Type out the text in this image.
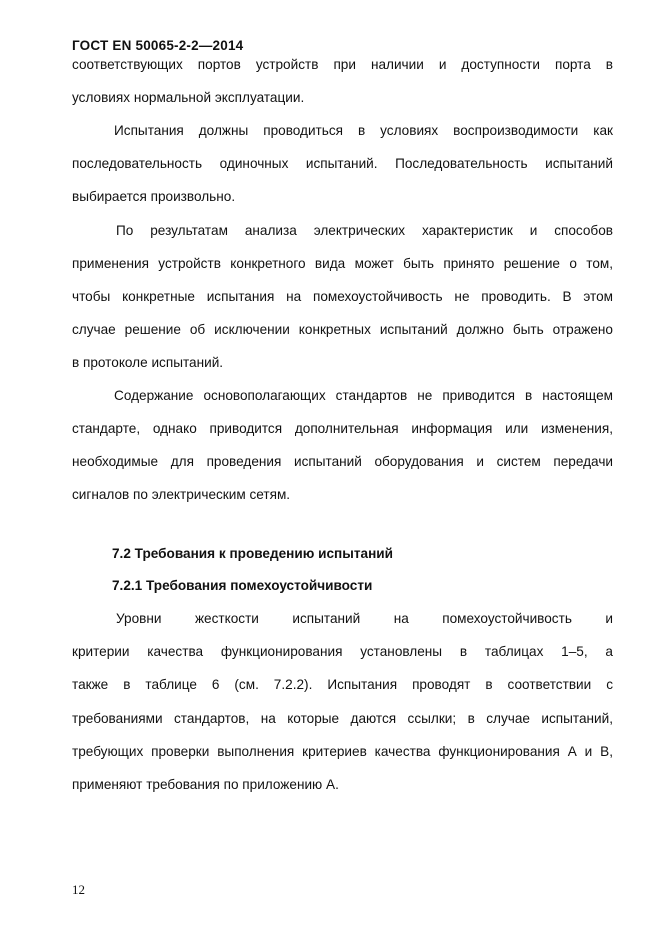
ГОСТ EN 50065-2-2—2014
соответствующих портов устройств при наличии и доступности порта в
условиях нормальной эксплуатации.
Испытания должны проводиться в условиях воспроизводимости как
последовательность одиночных испытаний. Последовательность испытаний
выбирается произвольно.
По результатам анализа электрических характеристик и способов
применения устройств конкретного вида может быть принято решение о том,
чтобы конкретные испытания на помехоустойчивость не проводить. В этом
случае решение об исключении конкретных испытаний должно быть отражено
в протоколе испытаний.
Содержание основополагающих стандартов не приводится в настоящем
стандарте, однако приводится дополнительная информация или изменения,
необходимые для проведения испытаний оборудования и систем передачи
сигналов по электрическим сетям.
7.2 Требования к проведению испытаний
7.2.1 Требования помехоустойчивости
Уровни жесткости испытаний на помехоустойчивость и
критерии качества функционирования установлены в таблицах 1–5, а
также в таблице 6 (см. 7.2.2). Испытания проводят в соответствии с
требованиями стандартов, на которые даются ссылки; в случае испытаний,
требующих проверки выполнения критериев качества функционирования А и В,
применяют требования по приложению А.
12
